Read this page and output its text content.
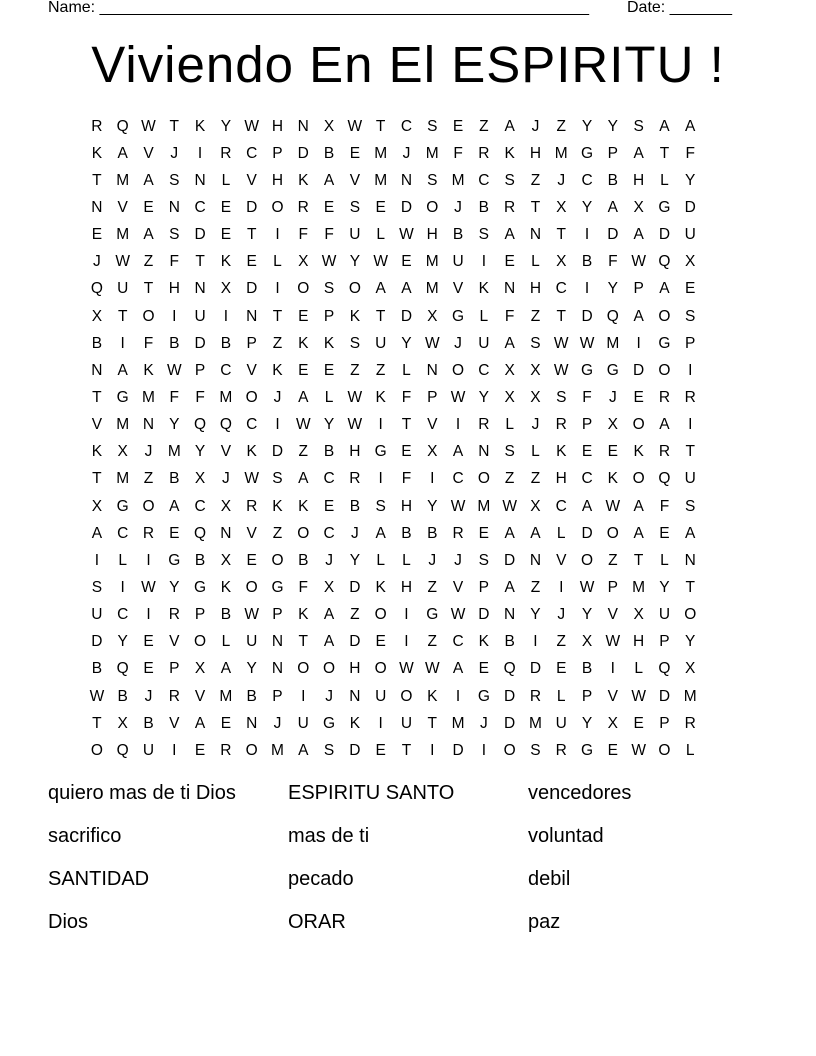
Name: _______________________________________________________ Date: _______
Viviendo En El ESPIRITU !
R Q W T	K Y W H N X W T C S E	Z	A	J	Z	Y Y S A A
K A V	J	I	R C P D B E M J M F R K H M G P A	T	F
T M A S N	L	V H K A V M N S M C S	Z	J	C B H	L	Y
N V E N C E D O R E S E D O	J	B R T	X Y A X G D
E M A S D E	T	I	F	F U	L W H B S A N T	I	D A D U
J W Z	F	T	K E	L	X W Y W E M U	I	E	L	X B	F W Q X
Q U T H N X D	I	O S O A A M V K N H C	I	Y P A E
X	T O	I	U	I	N T	E P K	T D X G L	F	Z	T D Q A O S
B	I	F	B D B P	Z	K K S U Y W J	U A S W W M	I	G P
N A K W P C V K E E	Z	Z	L	N O C X X W G G D O	I
T G M F	F M O	J	A	L W K	F	P W Y X X S	F	J	E R R
V M N Y Q Q C	I	W Y W	I	T	V	I	R	L	J	R P X O A	I
K X	J M Y V K D Z	B H G E X A N S	L	K E E K R T
T M Z	B X	J W S A C R	I	F	I	C O Z	Z H C K O Q U
X G O A C X R K K E B S H Y W M W X C A W A	F	S
A C R E Q N V	Z O C	J	A B B R E A A	L	D O A E A
I	L	I	G B X E O B	J	Y	L	L	J	J	S D N V O Z	T	L	N
S	I	W Y G K O G F	X D K H Z	V P A	Z	I	W P M Y	T
U C	I	R P B W P K A	Z O	I	G W D N Y	J	Y V X U O
D Y E V O L	U N T	A D E	I	Z C K B	I	Z	X W H P Y
B Q E P X A Y N O O H O W W A E Q D E B	I	L Q X
W B	J	R V M B P	I	J	N U O K	I	G D R	L	P V W D M
T	X B V A E N	J	U G K	I	U T M J	D M U Y X E P R
O Q U	I	E R O M A S D E	T	I	D	I	O S R G E W O L
quiero mas de ti Dios	ESPIRITU SANTO	vencedores
sacrifico	mas de ti	voluntad
SANTIDAD	pecado	debil
Dios	ORAR	paz
